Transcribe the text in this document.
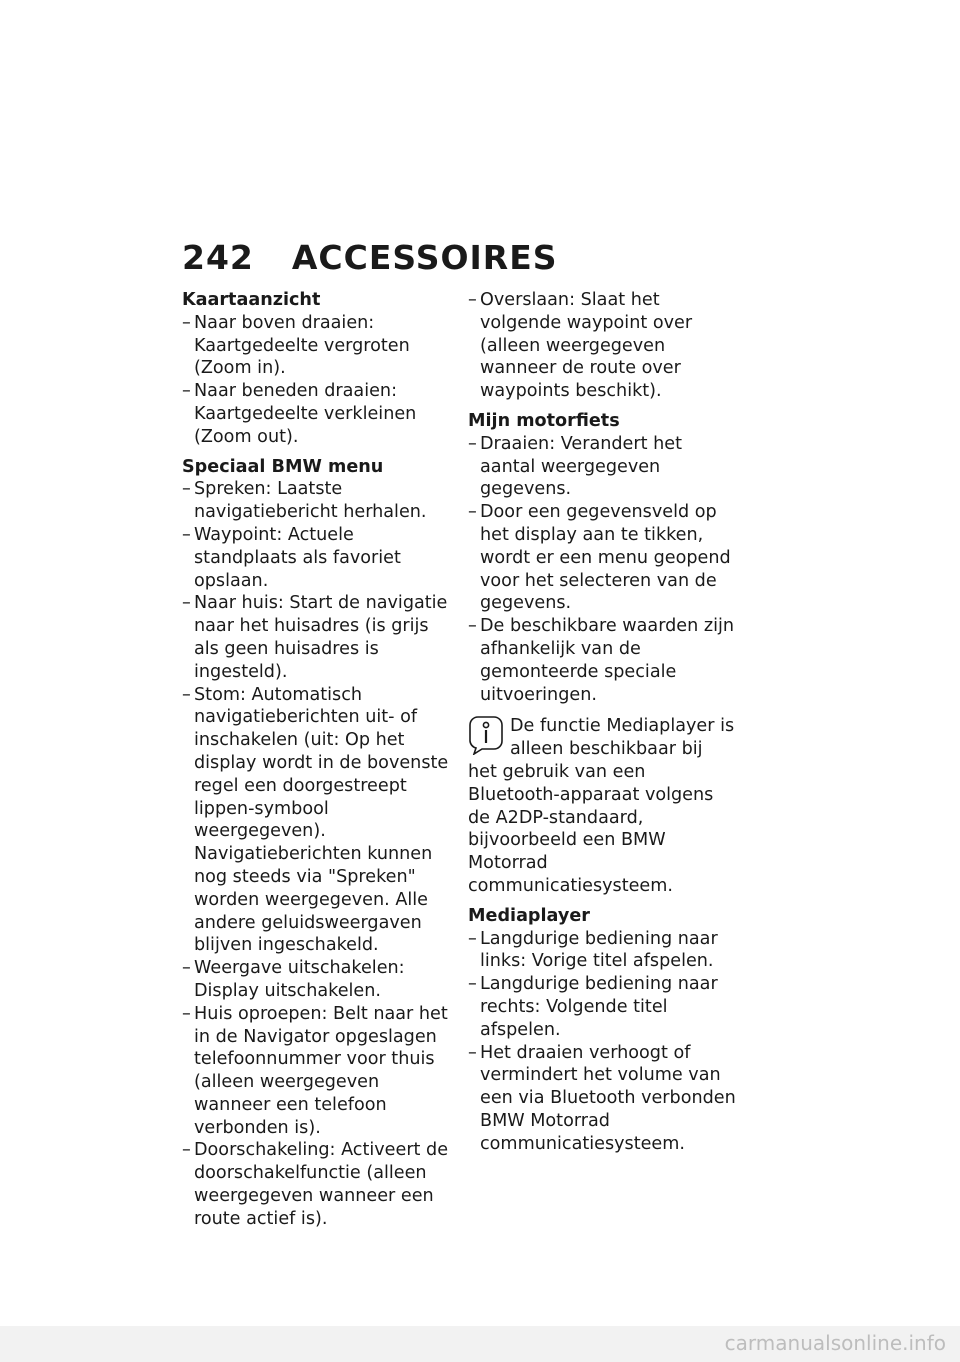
242 ACCESSOIRES

Kaartaanzicht

– Naar boven draaien: Kaartgedeelte vergroten (Zoom in).
– Naar beneden draaien: Kaartgedeelte verkleinen (Zoom out).

Speciaal BMW menu

– Spreken: Laatste navigatiebericht herhalen.
– Waypoint: Actuele standplaats als favoriet opslaan.
– Naar huis: Start de navigatie naar het huisadres (is grijs als geen huisadres is ingesteld).
– Stom: Automatisch navigatieberichten uit- of inschakelen (uit: Op het display wordt in de bovenste regel een doorgestreept lippen-symbool weergegeven). Navigatieberichten kunnen nog steeds via "Spreken" worden weergegeven. Alle andere geluidsweergaven blijven ingeschakeld.
– Weergave uitschakelen: Display uitschakelen.
– Huis oproepen: Belt naar het in de Navigator opgeslagen telefoonnummer voor thuis (alleen weergegeven wanneer een telefoon verbonden is).
– Doorschakeling: Activeert de doorschakelfunctie (alleen weergegeven wanneer een route actief is).
– Overslaan: Slaat het volgende waypoint over (alleen weergegeven wanneer de route over waypoints beschikt).

Mijn motorfiets

– Draaien: Verandert het aantal weergegeven gegevens.
– Door een gegevensveld op het display aan te tikken, wordt er een menu geopend voor het selecteren van de gegevens.
– De beschikbare waarden zijn afhankelijk van de gemonteerde speciale uitvoeringen.
De functie Mediaplayer is alleen beschikbaar bij het gebruik van een Bluetooth-apparaat volgens de A2DP-standaard, bijvoorbeeld een BMW Motorrad communicatiesysteem.

Mediaplayer

– Langdurige bediening naar links: Vorige titel afspelen.
– Langdurige bediening naar rechts: Volgende titel afspelen.
– Het draaien verhoogt of vermindert het volume van een via Bluetooth verbonden BMW Motorrad communicatiesysteem.
carmanualsonline.info
